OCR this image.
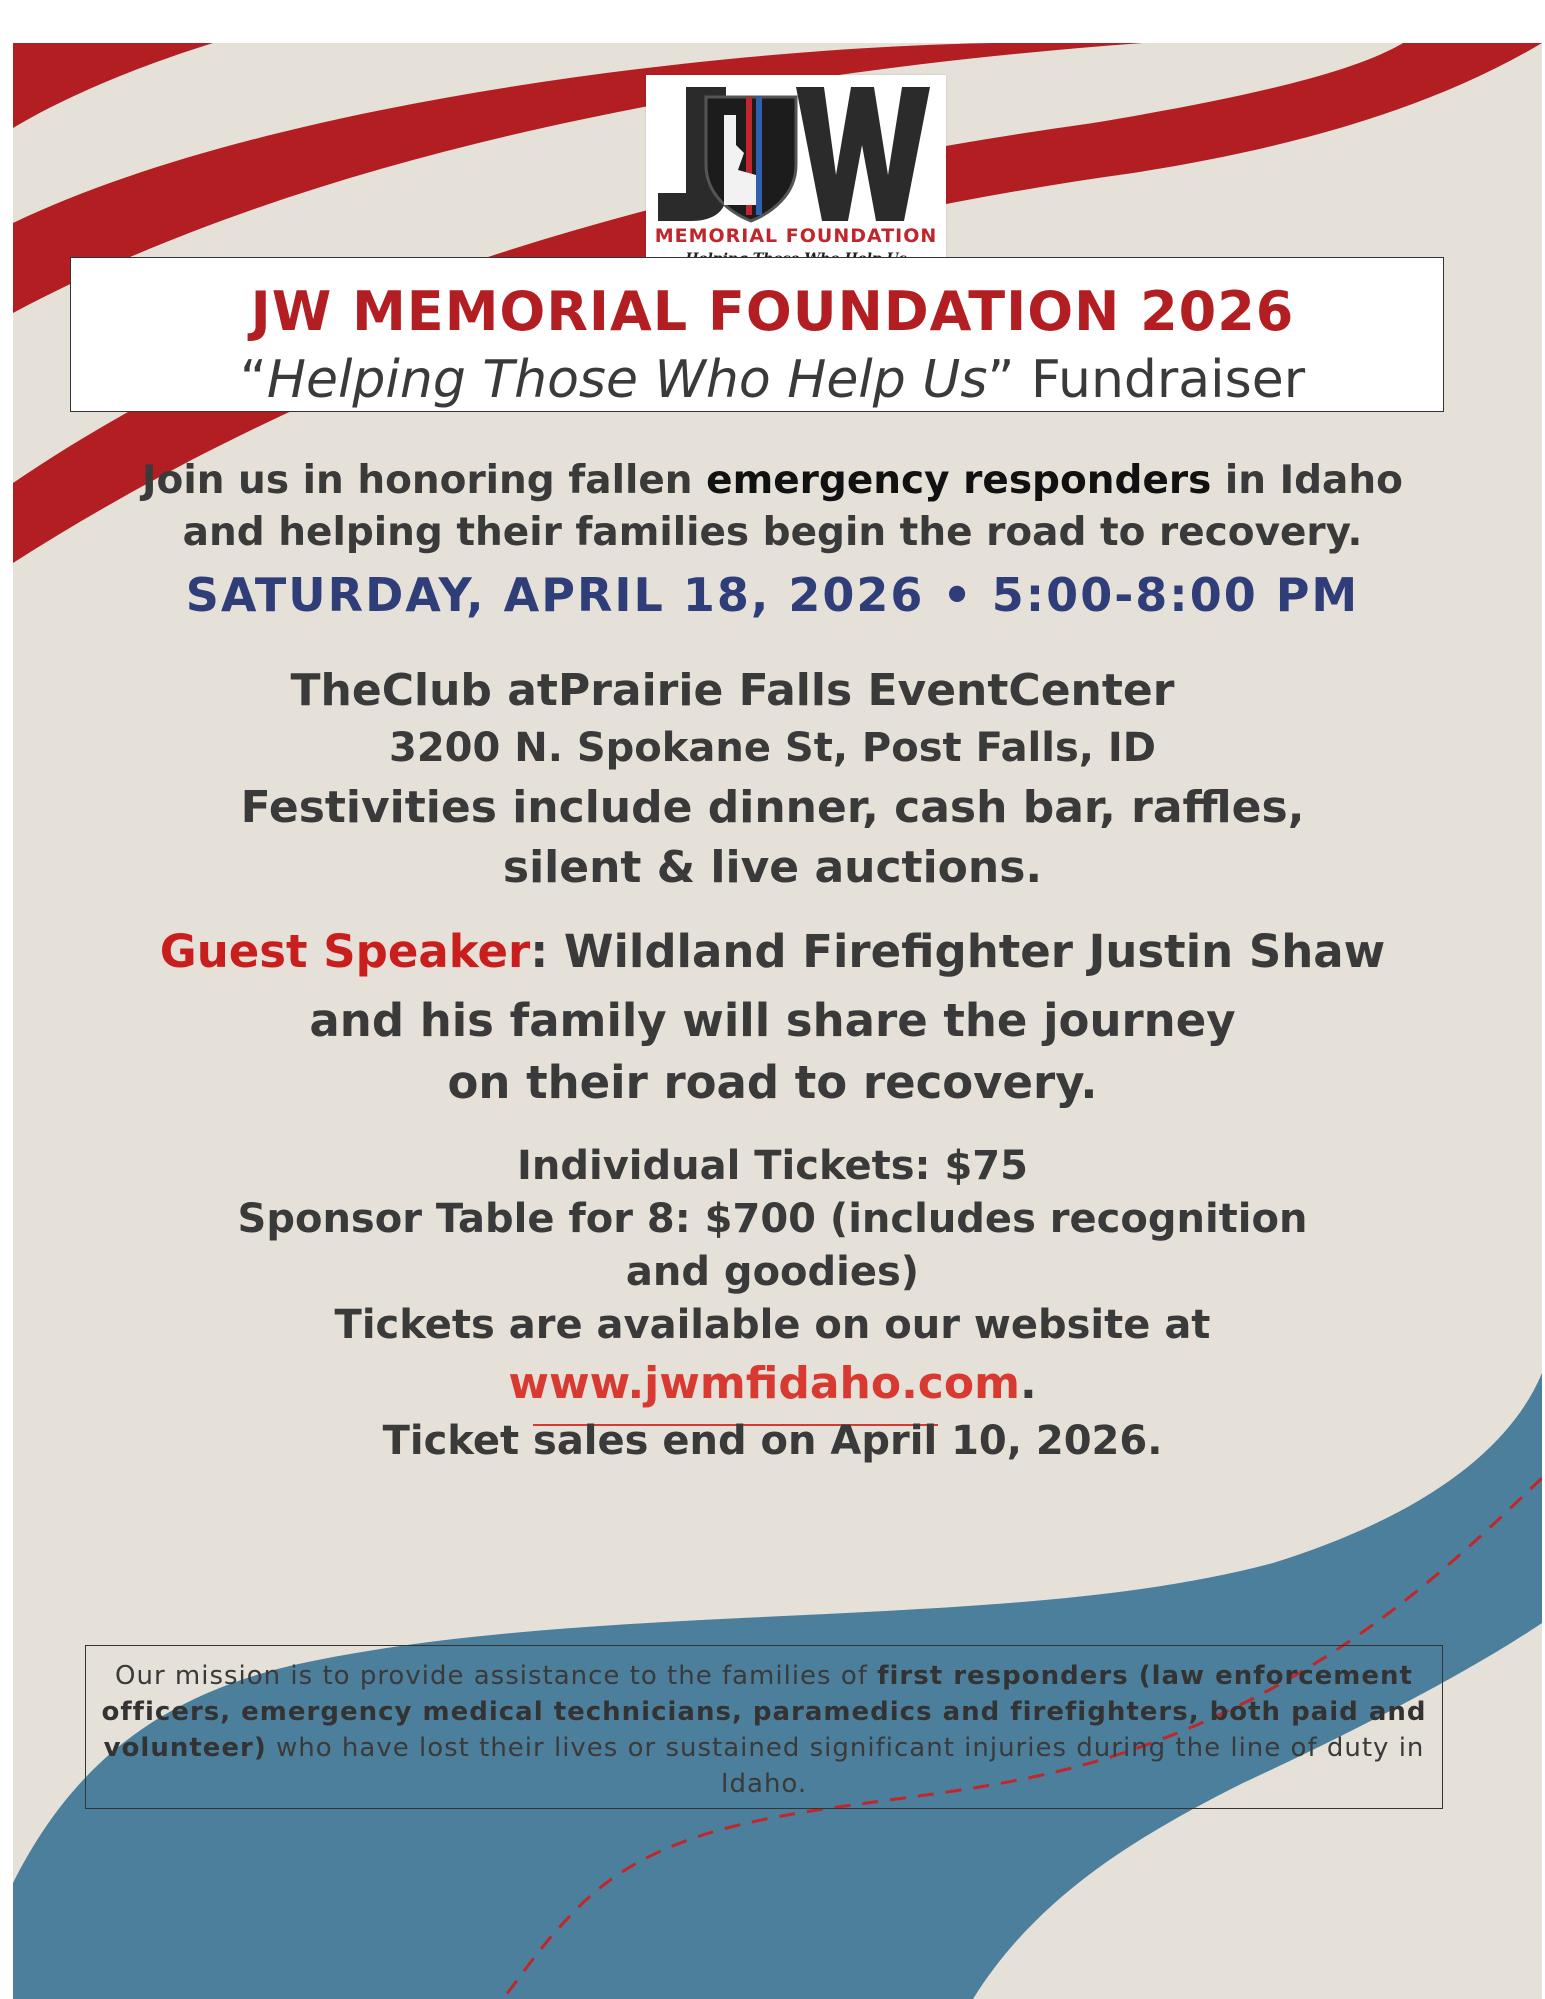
MEMORIAL FOUNDATION
JW MEMORIAL FOUNDATION 2026
“Helping Those Who Help Us” Fundraiser
Join us in honoring fallen emergency responders in Idaho
and helping their families begin the road to recovery.
SATURDAY, APRIL 18, 2026 • 5:00-8:00 PM
TheClub atPrairie Falls EventCenter
3200 N. Spokane St, Post Falls, ID
Festivities include dinner, cash bar, raffles,
silent & live auctions.
Guest Speaker: Wildland Firefighter Justin Shaw
and his family will share the journey
on their road to recovery.
Individual Tickets: $75
Sponsor Table for 8: $700 (includes recognition
and goodies)
Tickets are available on our website at
www.jwmfidaho.com.
Ticket sales end on April 10, 2026.
Our mission is to provide assistance to the families of first responders (law enforcement officers, emergency medical technicians, paramedics and firefighters, both paid and volunteer) who have lost their lives or sustained significant injuries during the line of duty in Idaho.
